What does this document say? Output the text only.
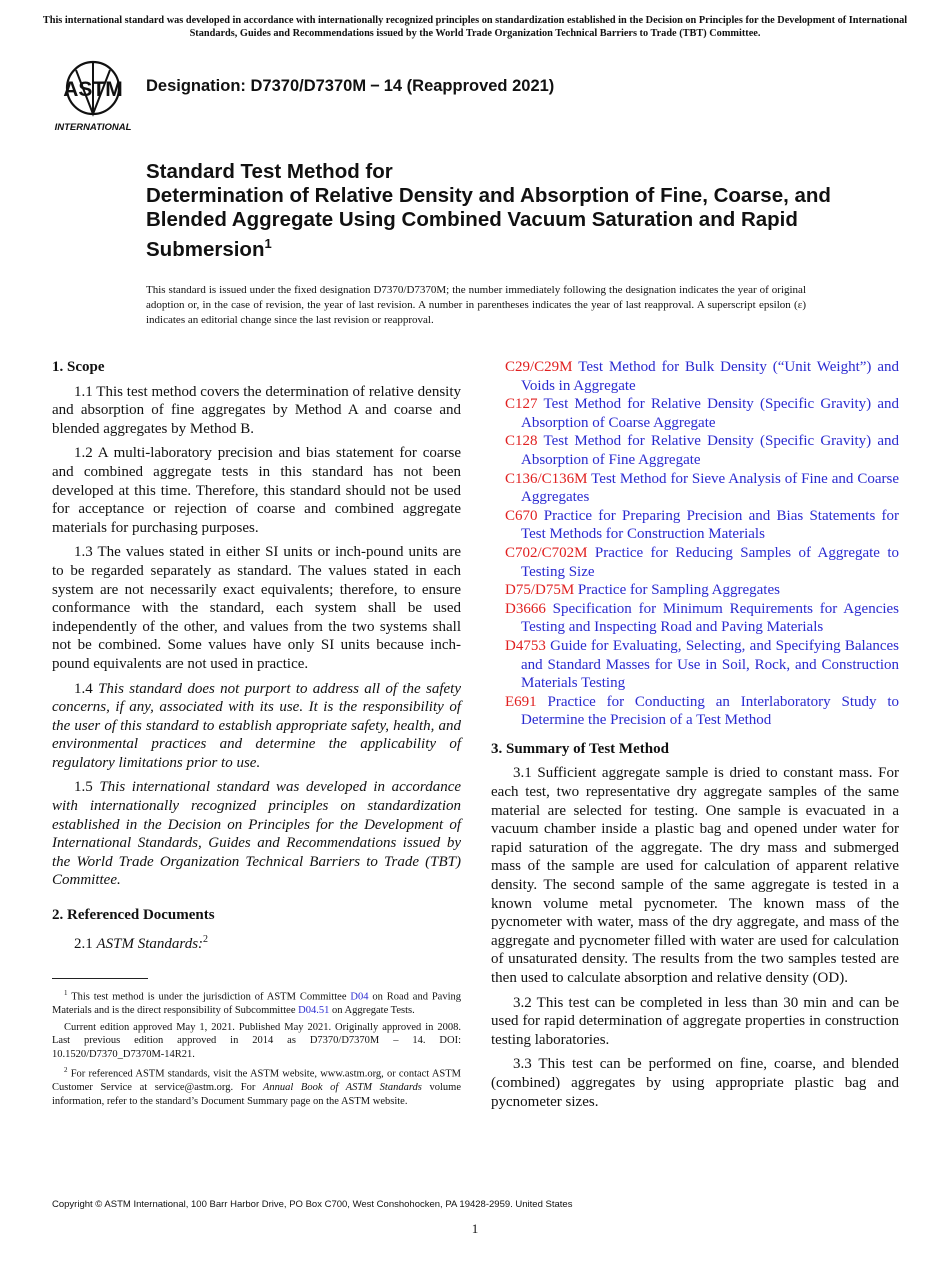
This international standard was developed in accordance with internationally recognized principles on standardization established in the Decision on Principles for the Development of International Standards, Guides and Recommendations issued by the World Trade Organization Technical Barriers to Trade (TBT) Committee.
ASTM
INTERNATIONAL
Designation: D7370/D7370M − 14 (Reapproved 2021)
Standard Test Method for
Determination of Relative Density and Absorption of Fine, Coarse, and Blended Aggregate Using Combined Vacuum Saturation and Rapid Submersion$^1$
This standard is issued under the fixed designation D7370/D7370M; the number immediately following the designation indicates the year of original adoption or, in the case of revision, the year of last revision. A number in parentheses indicates the year of last reapproval. A superscript epsilon (ε) indicates an editorial change since the last revision or reapproval.
1. Scope

1.1 This test method covers the determination of relative density and absorption of fine aggregates by Method A and coarse and blended aggregates by Method B.

1.2 A multi-laboratory precision and bias statement for coarse and combined aggregate tests in this standard has not been developed at this time. Therefore, this standard should not be used for acceptance or rejection of coarse and combined aggregate materials for purchasing purposes.

1.3 The values stated in either SI units or inch-pound units are to be regarded separately as standard. The values stated in each system are not necessarily exact equivalents; therefore, to ensure conformance with the standard, each system shall be used independently of the other, and values from the two systems shall not be combined. Some values have only SI units because inch-pound equivalents are not used in practice.

1.4 This standard does not purport to address all of the safety concerns, if any, associated with its use. It is the responsibility of the user of this standard to establish appropriate safety, health, and environmental practices and determine the applicability of regulatory limitations prior to use.

1.5 This international standard was developed in accordance with internationally recognized principles on standardization established in the Decision on Principles for the Development of International Standards, Guides and Recommendations issued by the World Trade Organization Technical Barriers to Trade (TBT) Committee.

2. Referenced Documents

2.1 ASTM Standards:$^2$

$^1$ This test method is under the jurisdiction of ASTM Committee D04 on Road and Paving Materials and is the direct responsibility of Subcommittee D04.51 on Aggregate Tests.

Current edition approved May 1, 2021. Published May 2021. Originally approved in 2008. Last previous edition approved in 2014 as D7370/D7370M – 14. DOI: 10.1520/D7370_D7370M-14R21.

$^2$ For referenced ASTM standards, visit the ASTM website, www.astm.org, or contact ASTM Customer Service at service@astm.org. For Annual Book of ASTM Standards volume information, refer to the standard’s Document Summary page on the ASTM website.

C29/C29M Test Method for Bulk Density (“Unit Weight”) and Voids in Aggregate

C127 Test Method for Relative Density (Specific Gravity) and Absorption of Coarse Aggregate

C128 Test Method for Relative Density (Specific Gravity) and Absorption of Fine Aggregate

C136/C136M Test Method for Sieve Analysis of Fine and Coarse Aggregates

C670 Practice for Preparing Precision and Bias Statements for Test Methods for Construction Materials

C702/C702M Practice for Reducing Samples of Aggregate to Testing Size

D75/D75M Practice for Sampling Aggregates

D3666 Specification for Minimum Requirements for Agencies Testing and Inspecting Road and Paving Materials

D4753 Guide for Evaluating, Selecting, and Specifying Balances and Standard Masses for Use in Soil, Rock, and Construction Materials Testing

E691 Practice for Conducting an Interlaboratory Study to Determine the Precision of a Test Method

3. Summary of Test Method

3.1 Sufficient aggregate sample is dried to constant mass. For each test, two representative dry aggregate samples of the same material are selected for testing. One sample is evacuated in a vacuum chamber inside a plastic bag and opened under water for rapid saturation of the aggregate. The dry mass and submerged mass of the sample are used for calculation of apparent relative density. The second sample of the same aggregate is tested in a known volume metal pycnometer. The known mass of the pycnometer with water, mass of the dry aggregate, and mass of the aggregate and pycnometer filled with water are used for calculation of unsaturated density. The results from the two samples tested are then used to calculate absorption and relative density (OD).

3.2 This test can be completed in less than 30 min and can be used for rapid determination of aggregate properties in construction testing laboratories.

3.3 This test can be performed on fine, coarse, and blended (combined) aggregates by using appropriate plastic bag and pycnometer sizes.

Copyright © ASTM International, 100 Barr Harbor Drive, PO Box C700, West Conshohocken, PA 19428-2959. United States
1
